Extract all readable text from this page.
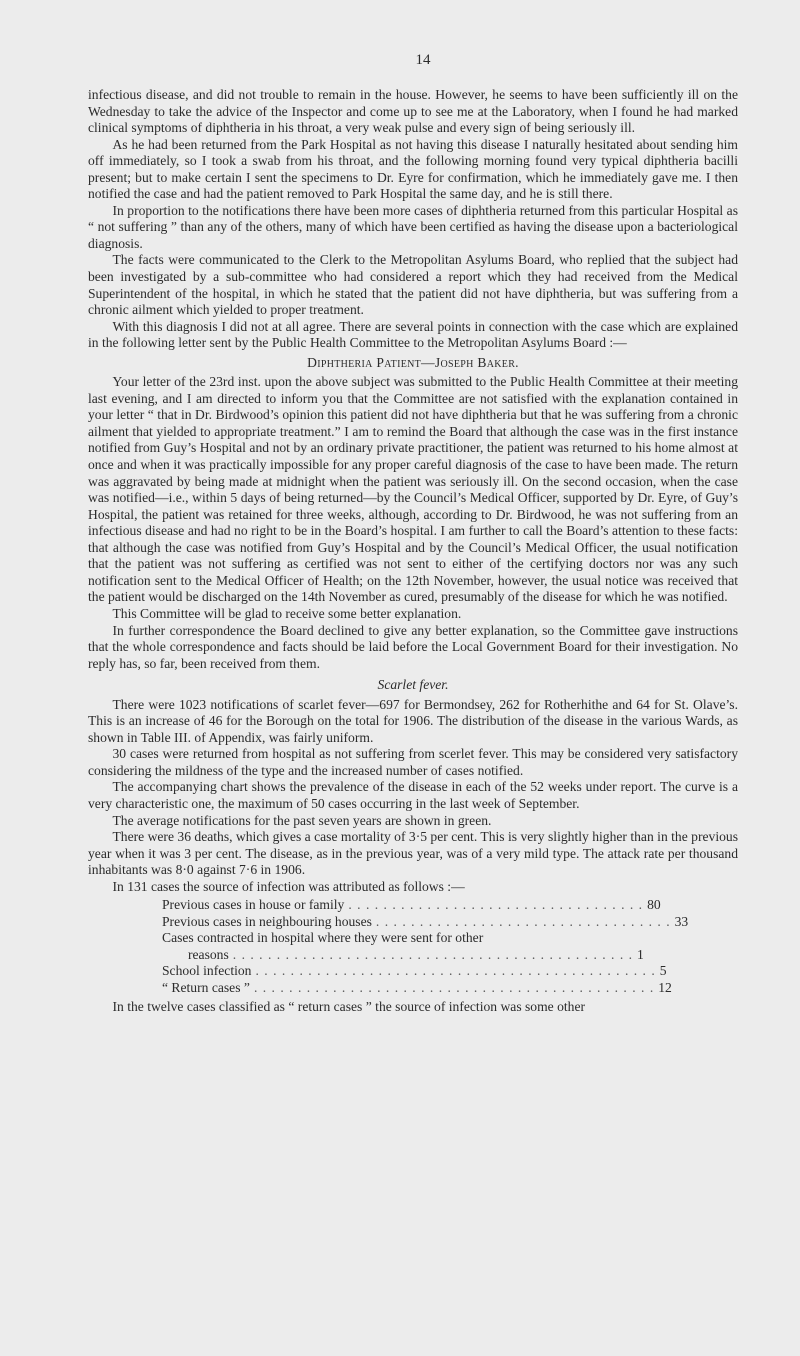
14

infectious disease, and did not trouble to remain in the house. However, he seems to have been sufficiently ill on the Wednesday to take the advice of the Inspector and come up to see me at the Laboratory, when I found he had marked clinical symptoms of diphtheria in his throat, a very weak pulse and every sign of being seriously ill.

As he had been returned from the Park Hospital as not having this disease I naturally hesitated about sending him off immediately, so I took a swab from his throat, and the following morning found very typical diphtheria bacilli present; but to make certain I sent the specimens to Dr. Eyre for confirmation, which he immediately gave me. I then notified the case and had the patient removed to Park Hospital the same day, and he is still there.

In proportion to the notifications there have been more cases of diphtheria returned from this particular Hospital as “ not suffering ” than any of the others, many of which have been certified as having the disease upon a bacteriological diagnosis.

The facts were communicated to the Clerk to the Metropolitan Asylums Board, who replied that the subject had been investigated by a sub-committee who had considered a report which they had received from the Medical Superintendent of the hospital, in which he stated that the patient did not have diphtheria, but was suffering from a chronic ailment which yielded to proper treatment.

With this diagnosis I did not at all agree. There are several points in connection with the case which are explained in the following letter sent by the Public Health Committee to the Metropolitan Asylums Board :—

Diphtheria Patient—Joseph Baker.

Your letter of the 23rd inst. upon the above subject was submitted to the Public Health Committee at their meeting last evening, and I am directed to inform you that the Committee are not satisfied with the explanation contained in your letter “ that in Dr. Birdwood’s opinion this patient did not have diphtheria but that he was suffering from a chronic ailment that yielded to appropriate treatment.” I am to remind the Board that although the case was in the first instance notified from Guy’s Hospital and not by an ordinary private practitioner, the patient was returned to his home almost at once and when it was practically impossible for any proper careful diagnosis of the case to have been made. The return was aggravated by being made at midnight when the patient was seriously ill. On the second occasion, when the case was notified—i.e., within 5 days of being returned—by the Council’s Medical Officer, supported by Dr. Eyre, of Guy’s Hospital, the patient was retained for three weeks, although, according to Dr. Birdwood, he was not suffering from an infectious disease and had no right to be in the Board’s hospital. I am further to call the Board’s attention to these facts: that although the case was notified from Guy’s Hospital and by the Council’s Medical Officer, the usual notification that the patient was not suffering as certified was not sent to either of the certifying doctors nor was any such notification sent to the Medical Officer of Health; on the 12th November, however, the usual notice was received that the patient would be discharged on the 14th November as cured, presumably of the disease for which he was notified.

This Committee will be glad to receive some better explanation.

In further correspondence the Board declined to give any better explanation, so the Committee gave instructions that the whole correspondence and facts should be laid before the Local Government Board for their investigation. No reply has, so far, been received from them.

Scarlet fever.

There were 1023 notifications of scarlet fever—697 for Bermondsey, 262 for Rotherhithe and 64 for St. Olave’s. This is an increase of 46 for the Borough on the total for 1906. The distribution of the disease in the various Wards, as shown in Table III. of Appendix, was fairly uniform.

30 cases were returned from hospital as not suffering from scerlet fever. This may be considered very satisfactory considering the mildness of the type and the increased number of cases notified.

The accompanying chart shows the prevalence of the disease in each of the 52 weeks under report. The curve is a very characteristic one, the maximum of 50 cases occurring in the last week of September.

The average notifications for the past seven years are shown in green.

There were 36 deaths, which gives a case mortality of 3·5 per cent. This is very slightly higher than in the previous year when it was 3 per cent. The disease, as in the previous year, was of a very mild type. The attack rate per thousand inhabitants was 8·0 against 7·6 in 1906.

In 131 cases the source of infection was attributed as follows :—

Previous cases in house or family . . . . . . . . . . . . . . . . . . . . . . . . . . . . . . . . . . 80
Previous cases in neighbouring houses . . . . . . . . . . . . . . . . . . . . . . . . . . . . . . . . . . 33
Cases contracted in hospital where they were sent for other
reasons . . . . . . . . . . . . . . . . . . . . . . . . . . . . . . . . . . . . . . . . . . . . . . 1
School infection . . . . . . . . . . . . . . . . . . . . . . . . . . . . . . . . . . . . . . . . . . . . . . 5
“ Return cases ” . . . . . . . . . . . . . . . . . . . . . . . . . . . . . . . . . . . . . . . . . . . . . . 12

In the twelve cases classified as “ return cases ” the source of infection was some other
